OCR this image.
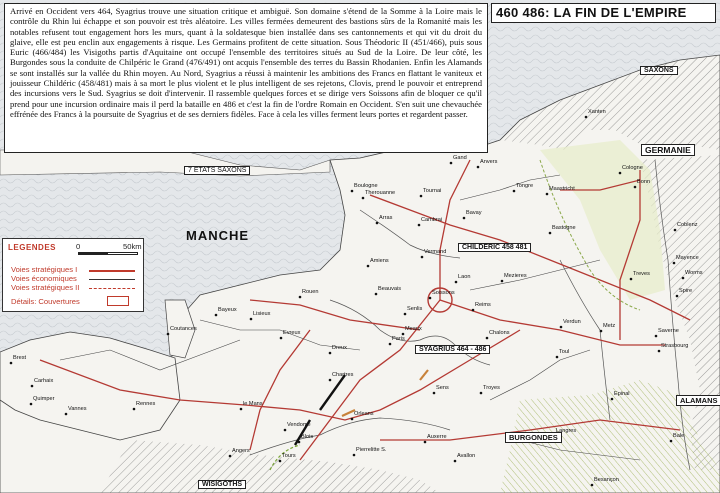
Arrivé en Occident vers 464, Syagrius trouve une situation critique et ambiguë. Son domaine s'étend de la Somme à la Loire mais le contrôle du Rhin lui échappe et son pouvoir est très aléatoire. Les villes fermées demeurent des bastions sûrs de la Romanité mais les notables refusent tout engagement hors les murs, quant à la soldatesque bien installée dans ses cantonnements et qui vit du droit du glaive, elle est peu enclin aux engagements à risque. Les Germains profitent de cette situation. Sous Théodoric II (451/466), puis sous Euric (466/484) les Visigoths partis d'Aquitaine ont occupé l'ensemble des territoires situés au Sud de la Loire. De leur côté, les Burgondes sous la conduite de Chilpéric le Grand (476/491) ont acquis l'ensemble des terres du Bassin Rhodanien. Enfin les Alamands se sont installés sur la vallée du Rhin moyen. Au Nord, Syagrius a réussi à maintenir les ambitions des Francs en flattant le vaniteux et jouisseur Childéric (458/481) mais à sa mort le plus violent et le plus intelligent de ses rejetons, Clovis, prend le pouvoir et entreprend des incursions vers le Sud. Syagrius se doit d'intervenir. Il rassemble quelques forces et se dirige vers Soissons afin de bloquer ce qu'il prend pour une incursion ordinaire mais il perd la bataille en 486 et c'est la fin de l'ordre Romain en Occident. S'en suit une chevauchée effrénée des Francs à la poursuite de Syagrius et de ses derniers fidèles. Face à cela les villes ferment leurs portes et regardent passer.
460 486: LA FIN DE L'EMPIRE
LEGENDES	0	50km
Voies stratégiques I
Voies économiques
Voies stratégiques II
Détails: Couvertures
7 ETATS SAXONS
MANCHE
SAXONS
GERMANIE
CHILDERIC 458 481
SYAGRIUS 464 - 486
BURGONDES
ALAMANS
WISIGOTHS
Gand
Anvers
Xanten
Boulogne
Therouanne	Tournai
Tongre	Maastricht
Cologne
Bonn
Arras	Cambrai
Bavay
Vermand
Amiens
Bastogne	Coblenz
Treves
Mayence
Worms
Spire
Soissons
Laon
Reims
Mezieres
Beauvais
Senlis
Rouen
Lisieux
Bayeux
Coutances
Evreux
Dreux
Meaux
Paris
Chalons
Verdun
Metz
Toul
Saverne
Strasbourg
Brest
Carhaix
Quimper
Vannes
Rennes	le Mans
Chartres
Sens	Troyes
Vendome
Orleans
Blois
Angers
Tours
Auxerre
Avallon
Langres
Epinal
Bale
Pierrelitte S.
Besançon
